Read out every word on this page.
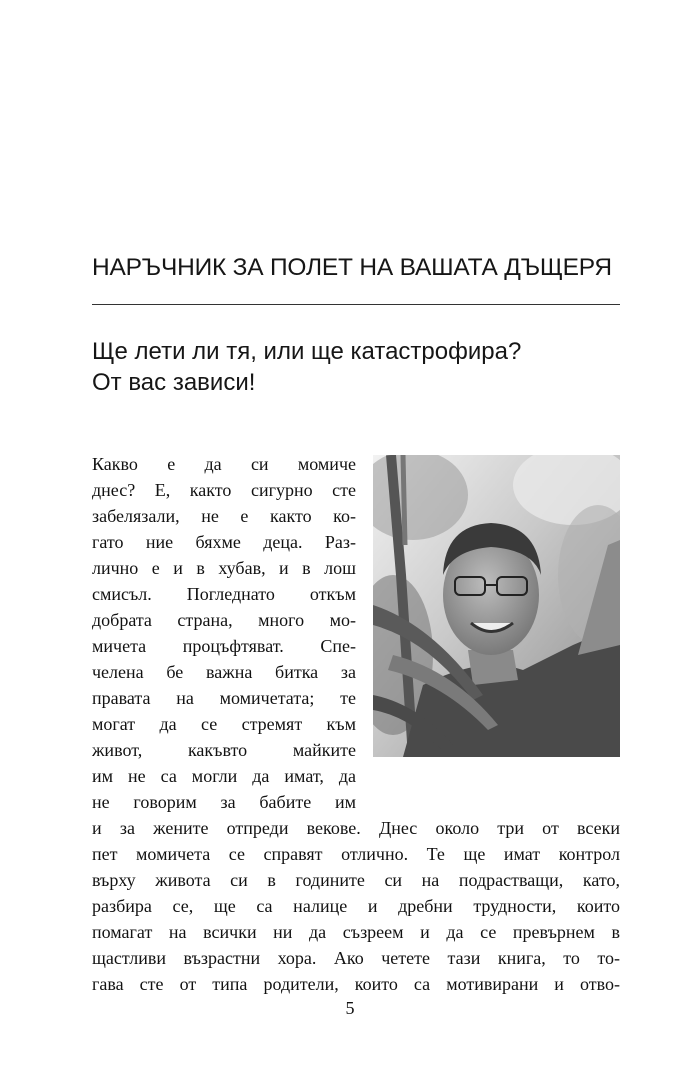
НАРЪЧНИК ЗА ПОЛЕТ НА ВАШАТА ДЪЩЕРЯ
Ще лети ли тя, или ще катастрофира?
От вас зависи!
Какво е да си момиче
днес? Е, както сигурно сте
забелязали, не е както ко-
гато ние бяхме деца. Раз-
лично е и в хубав, и в лош
смисъл. Погледнато откъм
добрата страна, много мо-
мичета процъфтяват. Спе-
челена бе важна битка за
правата на момичетата; те
могат да се стремят към
живот, какъвто майките
им не са могли да имат, да
не говорим за бабите им
и за жените отпреди векове. Днес около три от всеки
пет момичета се справят отлично. Те ще имат контрол
върху живота си в годините си на подрастващи, като,
разбира се, ще са налице и дребни трудности, които
помагат на всички ни да съзреем и да се превърнем в
щастливи възрастни хора. Ако четете тази книга, то то-
гава сте от типа родители, които са мотивирани и отво-
5
